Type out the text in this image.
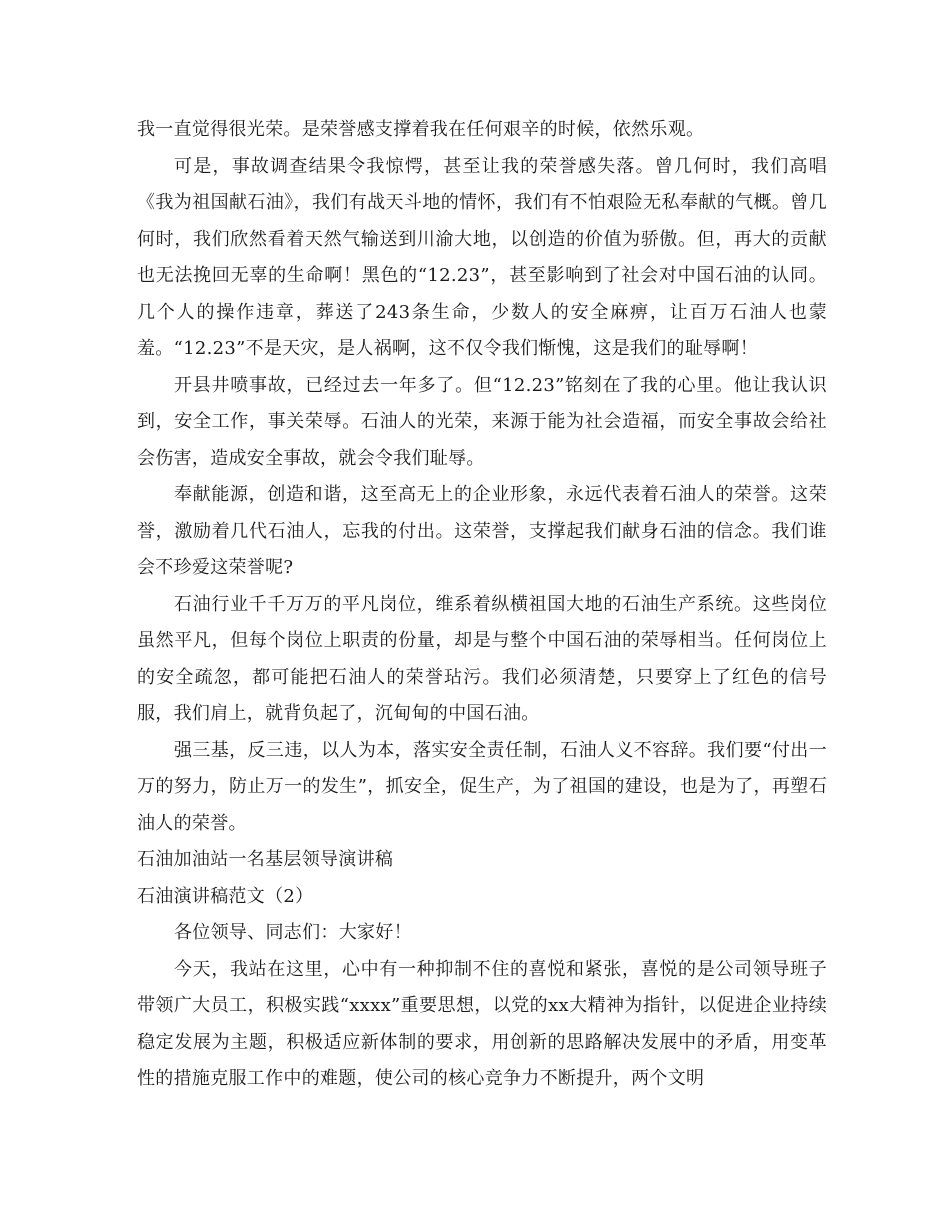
我一直觉得很光荣。是荣誉感支撑着我在任何艰辛的时候，依然乐观。

可是，事故调查结果令我惊愕，甚至让我的荣誉感失落。曾几何时，我们高唱《我为祖国献石油》，我们有战天斗地的情怀，我们有不怕艰险无私奉献的气概。曾几何时，我们欣然看着天然气输送到川渝大地，以创造的价值为骄傲。但，再大的贡献也无法挽回无辜的生命啊！黑色的“12.23”，甚至影响到了社会对中国石油的认同。几个人的操作违章，葬送了243条生命，少数人的安全麻痹，让百万石油人也蒙羞。“12.23”不是天灾，是人祸啊，这不仅令我们惭愧，这是我们的耻辱啊！

开县井喷事故，已经过去一年多了。但“12.23”铭刻在了我的心里。他让我认识到，安全工作，事关荣辱。石油人的光荣，来源于能为社会造福，而安全事故会给社会伤害，造成安全事故，就会令我们耻辱。

奉献能源，创造和谐，这至高无上的企业形象，永远代表着石油人的荣誉。这荣誉，激励着几代石油人，忘我的付出。这荣誉，支撑起我们献身石油的信念。我们谁会不珍爱这荣誉呢?

石油行业千千万万的平凡岗位，维系着纵横祖国大地的石油生产系统。这些岗位虽然平凡，但每个岗位上职责的份量，却是与整个中国石油的荣辱相当。任何岗位上的安全疏忽，都可能把石油人的荣誉玷污。我们必须清楚，只要穿上了红色的信号服，我们肩上，就背负起了，沉甸甸的中国石油。

强三基，反三违，以人为本，落实安全责任制，石油人义不容辞。我们要“付出一万的努力，防止万一的发生”，抓安全，促生产，为了祖国的建设，也是为了，再塑石油人的荣誉。

石油加油站一名基层领导演讲稿

石油演讲稿范文（2）

各位领导、同志们：大家好！

今天，我站在这里，心中有一种抑制不住的喜悦和紧张，喜悦的是公司领导班子带领广大员工，积极实践“xxxx”重要思想，以党的xx大精神为指针，以促进企业持续稳定发展为主题，积极适应新体制的要求，用创新的思路解决发展中的矛盾，用变革性的措施克服工作中的难题，使公司的核心竞争力不断提升，两个文明
